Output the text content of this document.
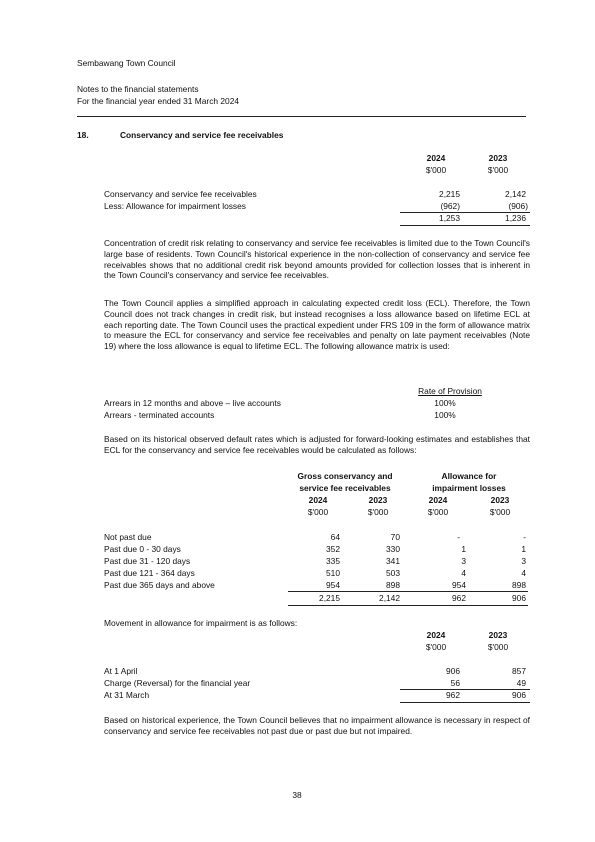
Sembawang Town Council
Notes to the financial statements
For the financial year ended 31 March 2024
18.	Conservancy and service fee receivables
2024	2023
$'000	$'000
Conservancy and service fee receivables	2,215	2,142
Less: Allowance for impairment losses	(962)	(906)
1,253	1,236
Concentration of credit risk relating to conservancy and service fee receivables is limited due to the Town Council's large base of residents. Town Council's historical experience in the non-collection of conservancy and service fee receivables shows that no additional credit risk beyond amounts provided for collection losses that is inherent in the Town Council's conservancy and service fee receivables.
The Town Council applies a simplified approach in calculating expected credit loss (ECL). Therefore, the Town Council does not track changes in credit risk, but instead recognises a loss allowance based on lifetime ECL at each reporting date. The Town Council uses the practical expedient under FRS 109 in the form of allowance matrix to measure the ECL for conservancy and service fee receivables and penalty on late payment receivables (Note 19) where the loss allowance is equal to lifetime ECL. The following allowance matrix is used:
Rate of Provision
Arrears in 12 months and above – live accounts	100%
Arrears - terminated accounts	100%
Based on its historical observed default rates which is adjusted for forward-looking estimates and establishes that ECL for the conservancy and service fee receivables would be calculated as follows:
Gross conservancy and
service fee receivables
Allowance for
impairment losses
2024	2023	2024	2023
$'000	$'000	$'000	$'000
Not past due	64	70	-	-
Past due 0 - 30 days	352	330	1	1
Past due 31 - 120 days	335	341	3	3
Past due 121 - 364 days	510	503	4	4
Past due 365 days and above	954	898	954	898
2,215	2,142	962	906
Movement in allowance for impairment is as follows:
2024	2023
$'000	$'000
At 1 April	906	857
Charge (Reversal) for the financial year	56	49
At 31 March	962	906
Based on historical experience, the Town Council believes that no impairment allowance is necessary in respect of conservancy and service fee receivables not past due or past due but not impaired.
38
